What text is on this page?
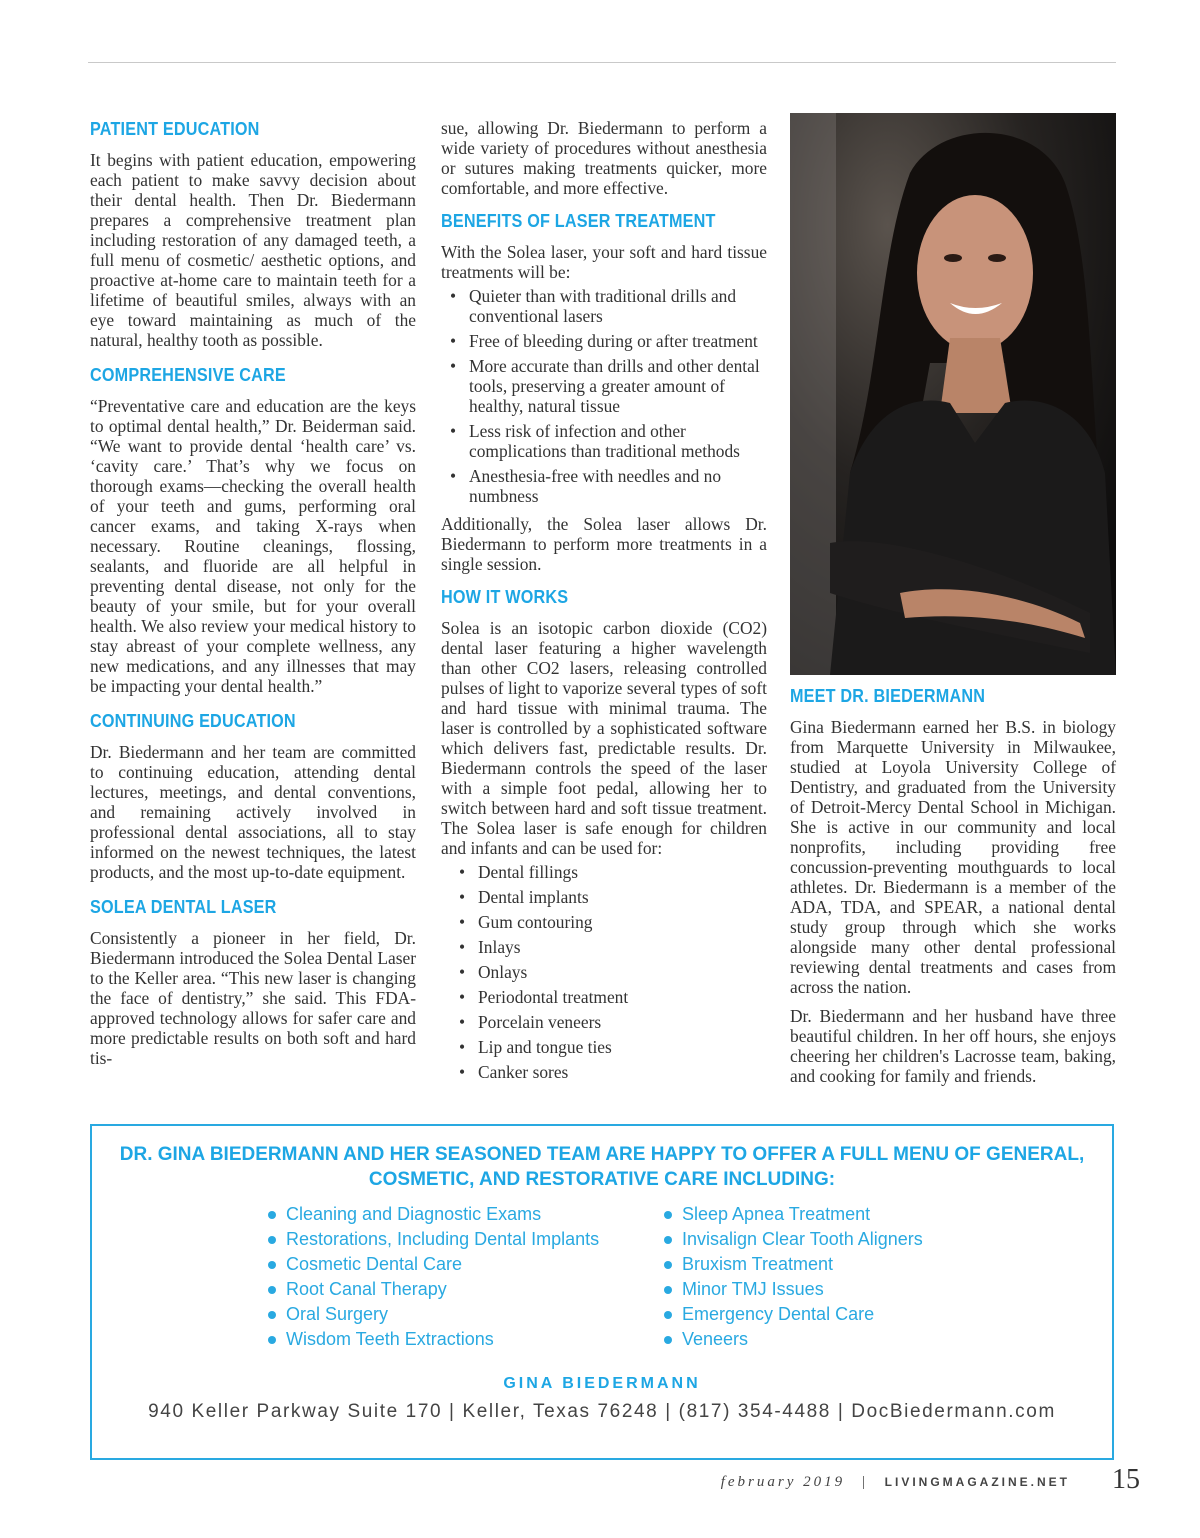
PATIENT EDUCATION

It begins with patient education, empowering each patient to make savvy decision about their dental health. Then Dr. Biedermann prepares a comprehensive treatment plan including restoration of any damaged teeth, a full menu of cosmetic/ aesthetic options, and proactive at-home care to maintain teeth for a lifetime of beautiful smiles, always with an eye toward maintaining as much of the natural, healthy tooth as possible.

COMPREHENSIVE CARE

“Preventative care and education are the keys to optimal dental health,” Dr. Beiderman said. “We want to provide dental ‘health care’ vs. ‘cavity care.’ That’s why we focus on thorough exams—checking the overall health of your teeth and gums, performing oral cancer exams, and taking X-rays when necessary. Routine cleanings, flossing, sealants, and fluoride are all helpful in preventing dental disease, not only for the beauty of your smile, but for your overall health. We also review your medical history to stay abreast of your complete wellness, any new medications, and any illnesses that may be impacting your dental health.”

CONTINUING EDUCATION

Dr. Biedermann and her team are committed to continuing education, attending dental lectures, meetings, and dental conventions, and remaining actively involved in professional dental associations, all to stay informed on the newest techniques, the latest products, and the most up-to-date equipment.

SOLEA DENTAL LASER

Consistently a pioneer in her field, Dr. Biedermann introduced the Solea Dental Laser to the Keller area. “This new laser is changing the face of dentistry,” she said. This FDA-approved technology allows for safer care and more predictable results on both soft and hard tis-

sue, allowing Dr. Biedermann to perform a wide variety of procedures without anesthesia or sutures making treatments quicker, more comfortable, and more effective.

BENEFITS OF LASER TREATMENT

With the Solea laser, your soft and hard tissue treatments will be:

• Quieter than with traditional drills and conventional lasers
• Free of bleeding during or after treatment
• More accurate than drills and other dental tools, preserving a greater amount of healthy, natural tissue
• Less risk of infection and other complications than traditional methods
• Anesthesia-free with needles and no numbness

Additionally, the Solea laser allows Dr. Biedermann to perform more treatments in a single session.

HOW IT WORKS

Solea is an isotopic carbon dioxide (CO2) dental laser featuring a higher wavelength than other CO2 lasers, releasing controlled pulses of light to vaporize several types of soft and hard tissue with minimal trauma. The laser is controlled by a sophisticated software which delivers fast, predictable results. Dr. Biedermann controls the speed of the laser with a simple foot pedal, allowing her to switch between hard and soft tissue treatment. The Solea laser is safe enough for children and infants and can be used for:

• Dental fillings
• Dental implants
• Gum contouring
• Inlays
• Onlays
• Periodontal treatment
• Porcelain veneers
• Lip and tongue ties
• Canker sores
MEET DR. BIEDERMANN

Gina Biedermann earned her B.S. in biology from Marquette University in Milwaukee, studied at Loyola University College of Dentistry, and graduated from the University of Detroit-Mercy Dental School in Michigan. She is active in our community and local nonprofits, including providing free concussion-preventing mouthguards to local athletes. Dr. Biedermann is a member of the ADA, TDA, and SPEAR, a national dental study group through which she works alongside many other dental professional reviewing dental treatments and cases from across the nation.

Dr. Biedermann and her husband have three beautiful children. In her off hours, she enjoys cheering her children's Lacrosse team, baking, and cooking for family and friends.

DR. GINA BIEDERMANN AND HER SEASONED TEAM ARE HAPPY TO OFFER A FULL MENU OF GENERAL,
COSMETIC, AND RESTORATIVE CARE INCLUDING:
Cleaning and Diagnostic Exams
Restorations, Including Dental Implants
Cosmetic Dental Care
Root Canal Therapy
Oral Surgery
Wisdom Teeth Extractions
Sleep Apnea Treatment
Invisalign Clear Tooth Aligners
Bruxism Treatment
Minor TMJ Issues
Emergency Dental Care
Veneers
GINA BIEDERMANN
940 Keller Parkway Suite 170 | Keller, Texas 76248 | (817) 354-4488 | DocBiedermann.com
february 2019 | LIVINGMAGAZINE.NET 15
